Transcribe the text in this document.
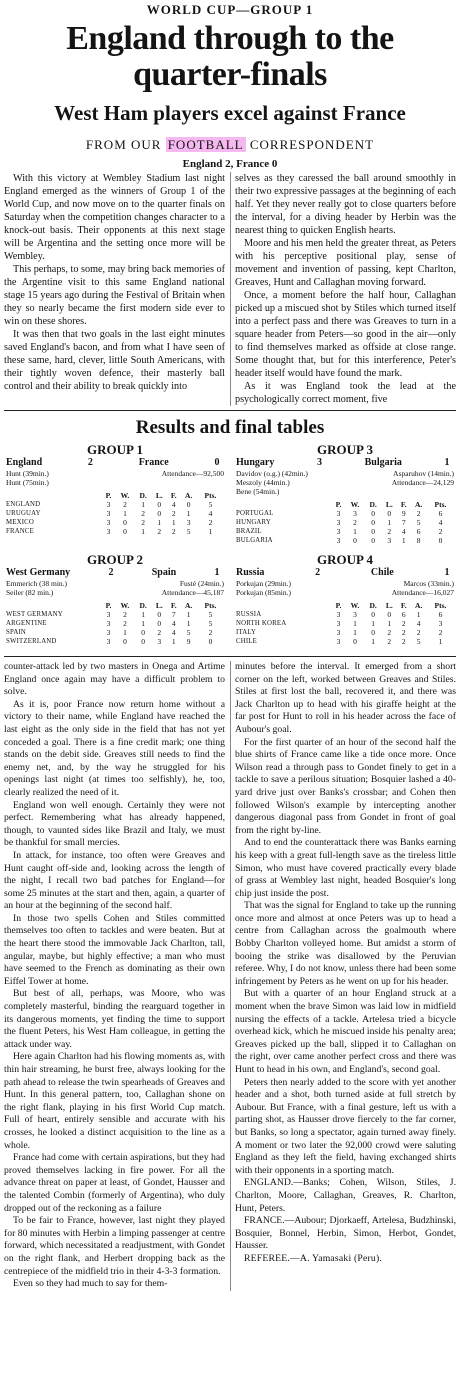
WORLD CUP—GROUP 1
England through to the
quarter-finals
West Ham players excel against France
FROM OUR FOOTBALL CORRESPONDENT
England 2, France 0

With this victory at Wembley Stadium last night England emerged as the winners of Group 1 of the World Cup, and now move on to the quarter finals on Saturday when the competition changes character to a knock-out basis. Their opponents at this next stage will be Argentina and the setting once more will be Wembley.

This perhaps, to some, may bring back memories of the Argentine visit to this same England national stage 15 years ago during the Festival of Britain when they so nearly became the first modern side ever to win on these shores.

It was then that two goals in the last eight minutes saved England's bacon, and from what I have seen of these same, hard, clever, little South Americans, with their tightly woven defence, their masterly ball control and their ability to break quickly into

selves as they caressed the ball around smoothly in their two expressive passages at the beginning of each half. Yet they never really got to close quarters before the interval, for a diving header by Herbin was the nearest thing to quicken English hearts.

Moore and his men held the greater threat, as Peters with his perceptive positional play, sense of movement and invention of passing, kept Charlton, Greaves, Hunt and Callaghan moving forward.

Once, a moment before the half hour, Callaghan picked up a miscued shot by Stiles which turned itself into a perfect pass and there was Greaves to turn in a square header from Peters—so good in the air—only to find themselves marked as offside at close range. Some thought that, but for this interference, Peter's header itself would have found the mark.

As it was England took the lead at the psychologically correct moment, five

Results and final tables
GROUP 1
England	2	France	0
Hunt (39min.)
Hunt (75min.)
Attendance—92,500
	P.	W.	D.	L.	F.	A.	Pts.
ENGLAND	3	2	1	0	4	0	5
URUGUAY	3	1	2	0	2	1	4
MEXICO	3	0	2	1	1	3	2
FRANCE	3	0	1	2	2	5	1
GROUP 3
Hungary	3	Bulgaria	1
Davidov (o.g.) (42min.)
Meszoly (44min.)
Bene (54min.)
Asparuhov (14min.)
Attendance—24,129
	P.	W.	D.	L.	F.	A.	Pts.
PORTUGAL	3	3	0	0	9	2	6
HUNGARY	3	2	0	1	7	5	4
BRAZIL	3	1	0	2	4	6	2
BULGARIA	3	0	0	3	1	8	0
GROUP 2
West Germany	2	Spain	1
Emmerich (38 min.)
Seiler (82 min.)
Fusté (24min.)
Attendance—45,187
	P.	W.	D.	L.	F.	A.	Pts.
WEST GERMANY	3	2	1	0	7	1	5
ARGENTINE	3	2	1	0	4	1	5
SPAIN	3	1	0	2	4	5	2
SWITZERLAND	3	0	0	3	1	9	0
GROUP 4
Russia	2	Chile	1
Porkujan (29min.)
Porkujan (85min.)
Marcos (33min.)
Attendance—16,027
	P.	W.	D.	L.	F.	A.	Pts.
RUSSIA	3	3	0	0	6	1	6
NORTH KOREA	3	1	1	1	2	4	3
ITALY	3	1	0	2	2	2	2
CHILE	3	0	1	2	2	5	1

counter-attack led by two masters in Onega and Artime England once again may have a difficult problem to solve.

As it is, poor France now return home without a victory to their name, while England have reached the last eight as the only side in the field that has not yet conceded a goal. There is a fine credit mark; one thing stands on the debit side. Greaves still needs to find the enemy net, and, by the way he struggled for his openings last night (at times too selfishly), he, too, clearly realized the need of it.

England won well enough. Certainly they were not perfect. Remembering what has already happened, though, to vaunted sides like Brazil and Italy, we must be thankful for small mercies.

In attack, for instance, too often were Greaves and Hunt caught off-side and, looking across the length of the night, I recall two bad patches for England—for some 25 minutes at the start and then, again, a quarter of an hour at the beginning of the second half.

In those two spells Cohen and Stiles committed themselves too often to tackles and were beaten. But at the heart there stood the immovable Jack Charlton, tall, angular, maybe, but highly effective; a man who must have seemed to the French as dominating as their own Eiffel Tower at home.

But best of all, perhaps, was Moore, who was completely masterful, binding the rearguard together in its dangerous moments, yet finding the time to support the fluent Peters, his West Ham colleague, in getting the attack under way.

Here again Charlton had his flowing moments as, with thin hair streaming, he burst free, always looking for the path ahead to release the twin spearheads of Greaves and Hunt. In this general pattern, too, Callaghan shone on the right flank, playing in his first World Cup match. Full of heart, entirely sensible and accurate with his crosses, he looked a distinct acquisition to the line as a whole.

France had come with certain aspirations, but they had proved themselves lacking in fire power. For all the advance threat on paper at least, of Gondet, Hausser and the talented Combin (formerly of Argentina), who duly dropped out of the reckoning as a failure

To be fair to France, however, last night they played for 80 minutes with Herbin a limping passenger at centre forward, which necessitated a readjustment, with Gondet on the right flank, and Herbert dropping back as the centrepiece of the midfield trio in their 4-3-3 formation.

Even so they had much to say for them-

minutes before the interval. It emerged from a short corner on the left, worked between Greaves and Stiles. Stiles at first lost the ball, recovered it, and there was Jack Charlton up to head with his giraffe height at the far post for Hunt to roll in his header across the face of Aubour's goal.

For the first quarter of an hour of the second half the blue shirts of France came like a tide once more. Once Wilson read a through pass to Gondet finely to get in a tackle to save a perilous situation; Bosquier lashed a 40-yard drive just over Banks's crossbar; and Cohen then followed Wilson's example by intercepting another dangerous diagonal pass from Gondet in front of goal from the right by-line.

And to end the counterattack there was Banks earning his keep with a great full-length save as the tireless little Simon, who must have covered practically every blade of grass at Wembley last night, headed Bosquier's long chip just inside the post.

That was the signal for England to take up the running once more and almost at once Peters was up to head a centre from Callaghan across the goalmouth where Bobby Charlton volleyed home. But amidst a storm of booing the strike was disallowed by the Peruvian referee. Why, I do not know, unless there had been some infringement by Peters as he went on up for his header.

But with a quarter of an hour England struck at a moment when the brave Simon was laid low in midfield nursing the effects of a tackle. Artelesa tried a bicycle overhead kick, which he miscued inside his penalty area; Greaves picked up the ball, slipped it to Callaghan on the right, over came another perfect cross and there was Hunt to head in his own, and England's, second goal.

Peters then nearly added to the score with yet another header and a shot, both turned aside at full stretch by Aubour. But France, with a final gesture, left us with a parting shot, as Hausser drove fiercely to the far corner, but Banks, so long a spectator, again turned away finely. A moment or two later the 92,000 crowd were saluting England as they left the field, having exchanged shirts with their opponents in a sporting match.

ENGLAND.—Banks; Cohen, Wilson, Stiles, J. Charlton, Moore, Callaghan, Greaves, R. Charlton, Hunt, Peters.

FRANCE.—Aubour; Djorkaeff, Artelesa, Budzhinski, Bosquier, Bonnel, Herbin, Simon, Herbot, Gondet, Hausser.

REFEREE.—A. Yamasaki (Peru).
